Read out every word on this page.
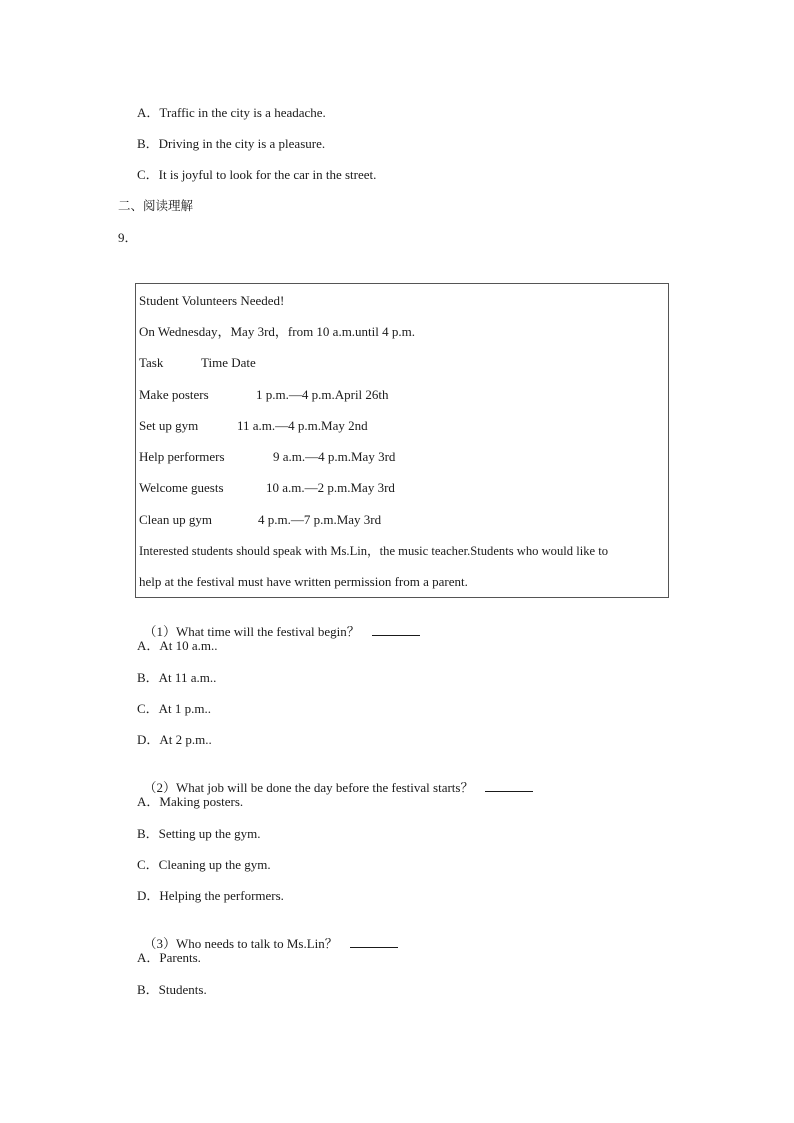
A．Traffic in the city is a headache.
B．Driving in the city is a pleasure.
C．It is joyful to look for the car in the street.
二、阅读理解
9．
Student Volunteers Needed!
On Wednesday，May 3rd，from 10 a.m.until 4 p.m.
Task	Time Date
Make posters	1 p.m.—4 p.m.April 26th
Set up gym	11 a.m.—4 p.m.May 2nd
Help performers	9 a.m.—4 p.m.May 3rd
Welcome guests	10 a.m.—2 p.m.May 3rd
Clean up gym	4 p.m.—7 p.m.May 3rd
Interested students should speak with Ms.Lin，the music teacher.Students who would like to
help at the festival must have written permission from a parent.

（1）What time will the festival begin？

A．At 10 a.m..
B．At 11 a.m..
C．At 1 p.m..
D．At 2 p.m..

（2）What job will be done the day before the festival starts？

A．Making posters.
B．Setting up the gym.
C．Cleaning up the gym.
D．Helping the performers.

（3）Who needs to talk to Ms.Lin？

A．Parents.
B．Students.
